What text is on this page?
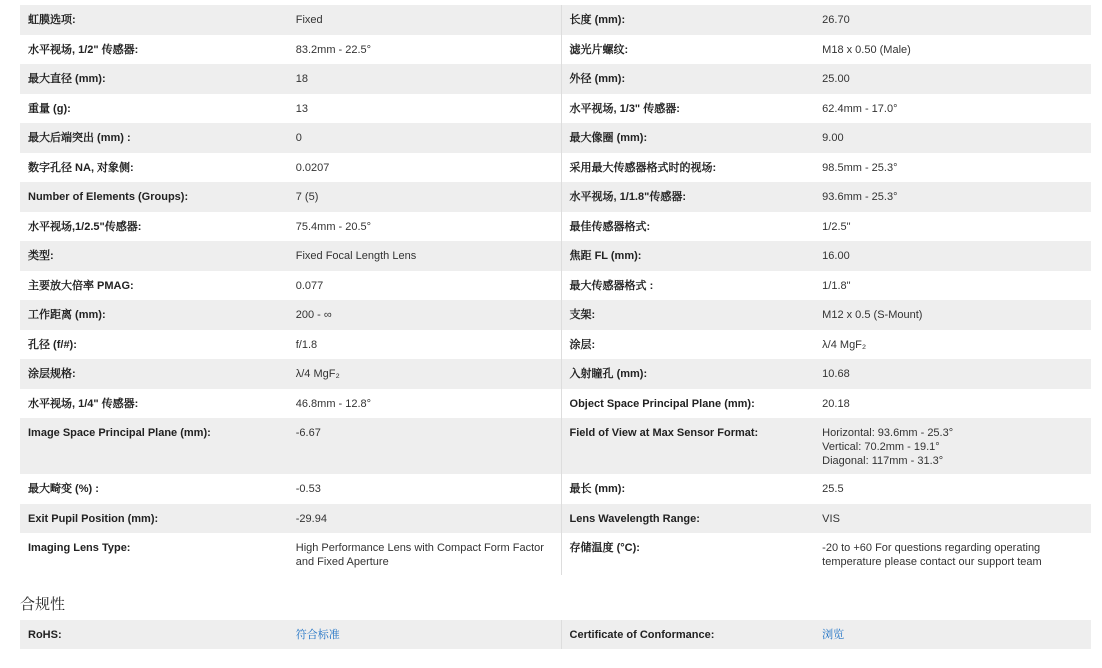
虹膜选项:	Fixed	长度 (mm):	26.70

水平视场, 1/2" 传感器:	83.2mm - 22.5°	滤光片螺纹:	M18 x 0.50 (Male)

最大直径 (mm):	18	外径 (mm):	25.00

重量 (g):	13	水平视场, 1/3" 传感器:	62.4mm - 17.0°

最大后端突出 (mm) :	0	最大像圈 (mm):	9.00

数字孔径 NA, 对象侧:	0.0207	采用最大传感器格式时的视场:	98.5mm - 25.3°

Number of Elements (Groups):	7 (5)	水平视场, 1/1.8"传感器:	93.6mm - 25.3°

水平视场,1/2.5"传感器:	75.4mm - 20.5°	最佳传感器格式:	1/2.5"

类型:	Fixed Focal Length Lens	焦距 FL (mm):	16.00

主要放大倍率 PMAG:	0.077	最大传感器格式 :	1/1.8"

工作距离 (mm):	200 - ∞	支架:	M12 x 0.5 (S-Mount)

孔径 (f/#):	f/1.8	涂层:	λ/4 MgF₂

涂层规格:	λ/4 MgF₂	入射瞳孔 (mm):	10.68

水平视场, 1/4" 传感器:	46.8mm - 12.8°	Object Space Principal Plane (mm):	20.18

Image Space Principal Plane (mm):	-6.67	Field of View at Max Sensor Format:	Horizontal: 93.6mm - 25.3°
Vertical: 70.2mm - 19.1°
Diagonal: 117mm - 31.3°

最大畸变 (%) :	-0.53	最长 (mm):	25.5

Exit Pupil Position (mm):	-29.94	Lens Wavelength Range:	VIS

Imaging Lens Type:	High Performance Lens with Compact Form Factor and Fixed Aperture	存储温度 (°C):	-20 to +60 For questions regarding operating temperature please contact our support team
合规性
RoHS:	符合标准	Certificate of Conformance:	浏览
